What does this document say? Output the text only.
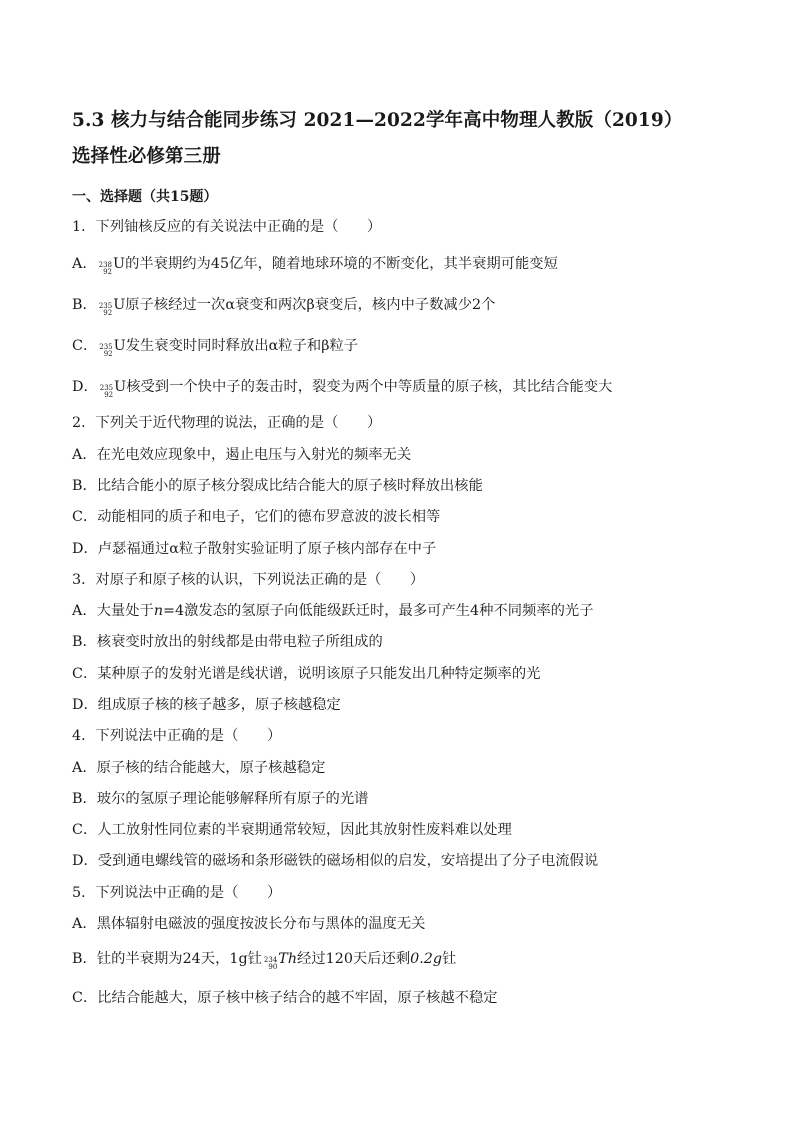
5.3 核力与结合能同步练习 2021—2022学年高中物理人教版（2019）
选择性必修第三册
一、选择题（共15题）
1．下列铀核反应的有关说法中正确的是（　　）
A． 238
92 U的半衰期约为45亿年，随着地球环境的不断变化，其半衰期可能变短
B． 235
92 U原子核经过一次α衰变和两次β衰变后，核内中子数减少2个
C． 235
92 U发生衰变时同时释放出α粒子和β粒子
D． 235
92 U核受到一个快中子的轰击时，裂变为两个中等质量的原子核，其比结合能变大
2．下列关于近代物理的说法，正确的是（　　）
A．在光电效应现象中，遏止电压与入射光的频率无关
B．比结合能小的原子核分裂成比结合能大的原子核时释放出核能
C．动能相同的质子和电子，它们的德布罗意波的波长相等
D．卢瑟福通过α粒子散射实验证明了原子核内部存在中子
3．对原子和原子核的认识，下列说法正确的是（　　）
A．大量处于n=4激发态的氢原子向低能级跃迁时，最多可产生4种不同频率的光子
B．核衰变时放出的射线都是由带电粒子所组成的
C．某种原子的发射光谱是线状谱，说明该原子只能发出几种特定频率的光
D．组成原子核的核子越多，原子核越稳定
4．下列说法中正确的是（　　）
A．原子核的结合能越大，原子核越稳定
B．玻尔的氢原子理论能够解释所有原子的光谱
C．人工放射性同位素的半衰期通常较短，因此其放射性废料难以处理
D．受到通电螺线管的磁场和条形磁铁的磁场相似的启发，安培提出了分子电流假说
5．下列说法中正确的是（　　）
A．黑体辐射电磁波的强度按波长分布与黑体的温度无关
B．钍的半衰期为24天，1g钍 234
90 Th经过120天后还剩0.2g钍
C．比结合能越大，原子核中核子结合的越不牢固，原子核越不稳定
